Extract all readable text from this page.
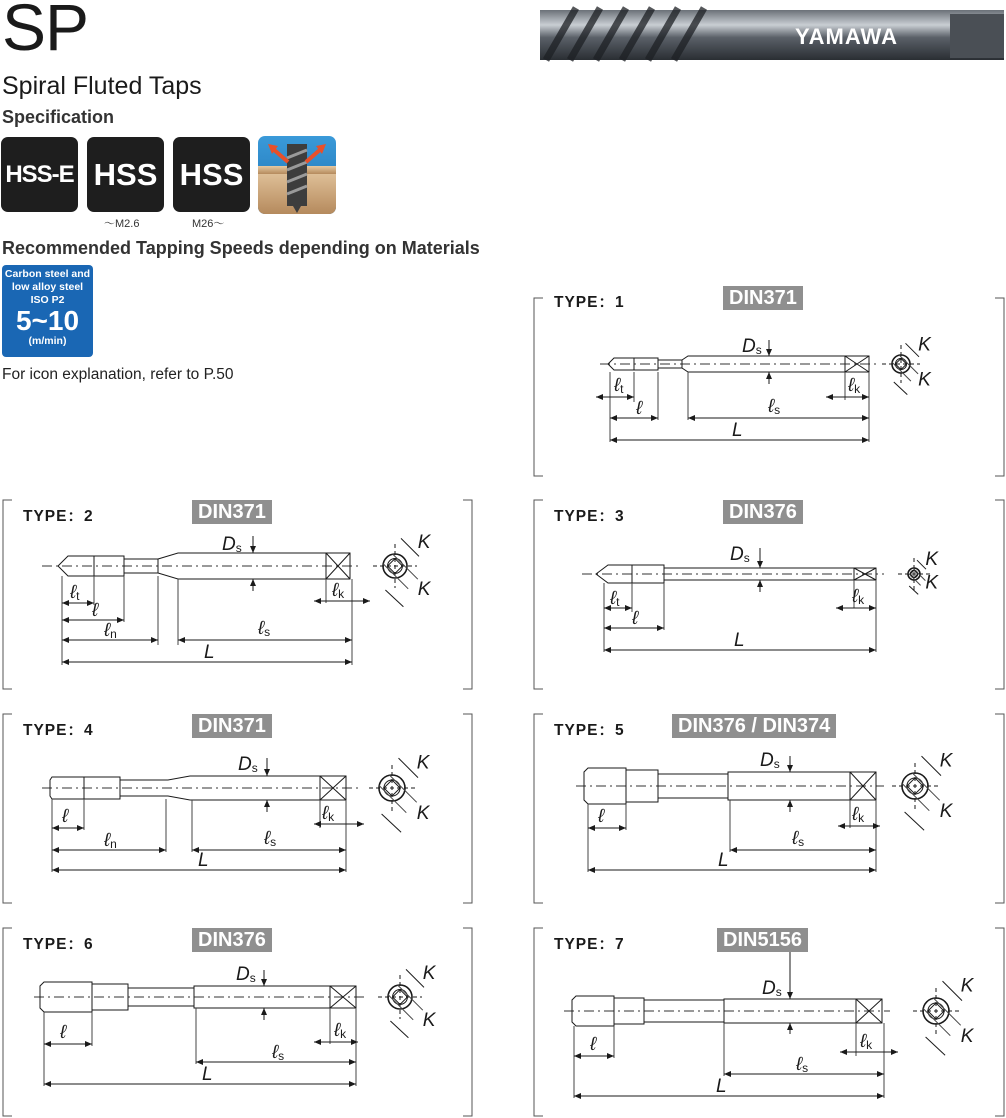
SP
Spiral Fluted Taps
YAMAWA
Specification
HSS-E HSS
～M2.6
HSS
M26～
Recommended Tapping Speeds depending on Materials
Carbon steel and
low alloy steel
ISO P2
5~10
(m/min)
For icon explanation, refer to P.50
TYPE：1	DIN371
TYPE：2	DIN371	TYPE：3	DIN376
TYPE：4	DIN371	TYPE：5	DIN376 / DIN374
TYPE：6	DIN376	TYPE：7	DIN5156
Ds
ℓt
ℓ	ℓs
L
ℓk
K
K
Ds
ℓt
ℓ
ℓn	ℓs
L
ℓk
K
K
Ds
ℓt
ℓ
L
ℓk
K
K
Ds
ℓ
ℓn	ℓs
L
ℓk
K
K
Ds
ℓ
ℓs
L
ℓk
K
K
Ds
ℓ
ℓs
L
ℓk
K
K
Ds
ℓ
ℓs
L
ℓk
K
K
